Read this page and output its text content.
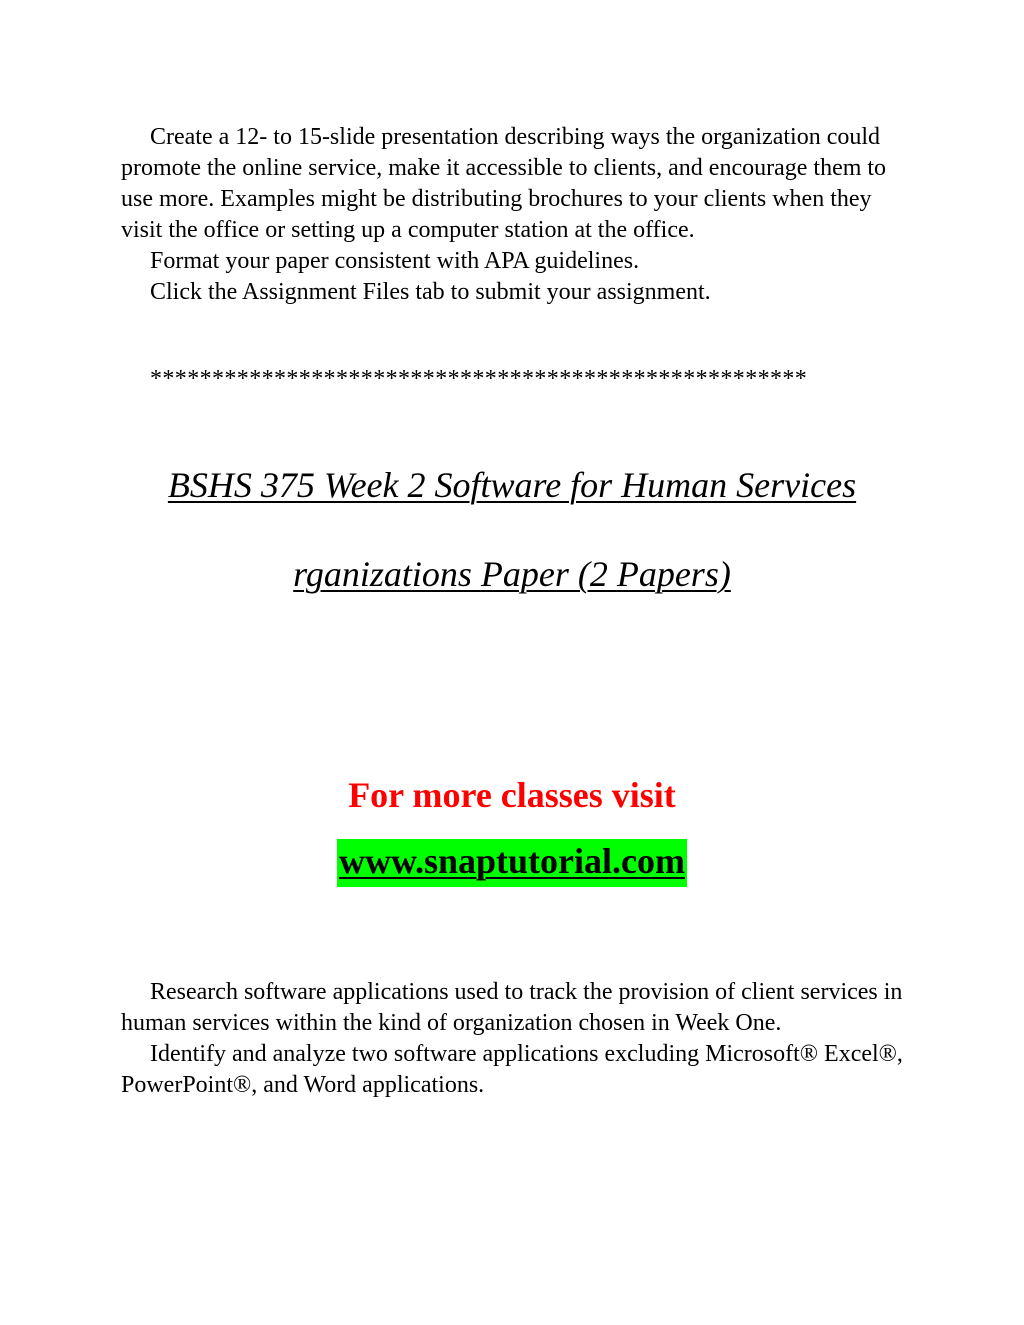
Create a 12- to 15-slide presentation describing ways the organization could promote the online service, make it accessible to clients, and encourage them to use more. Examples might be distributing brochures to your clients when they visit the office or setting up a computer station at the office.

Format your paper consistent with APA guidelines.

Click the Assignment Files tab to submit your assignment.

*****************************************************
BSHS 375 Week 2 Software for Human Services
rganizations Paper (2 Papers)
For more classes visit
www.snaptutorial.com

Research software applications used to track the provision of client services in human services within the kind of organization chosen in Week One.

Identify and analyze two software applications excluding Microsoft® Excel®, PowerPoint®, and Word applications.
